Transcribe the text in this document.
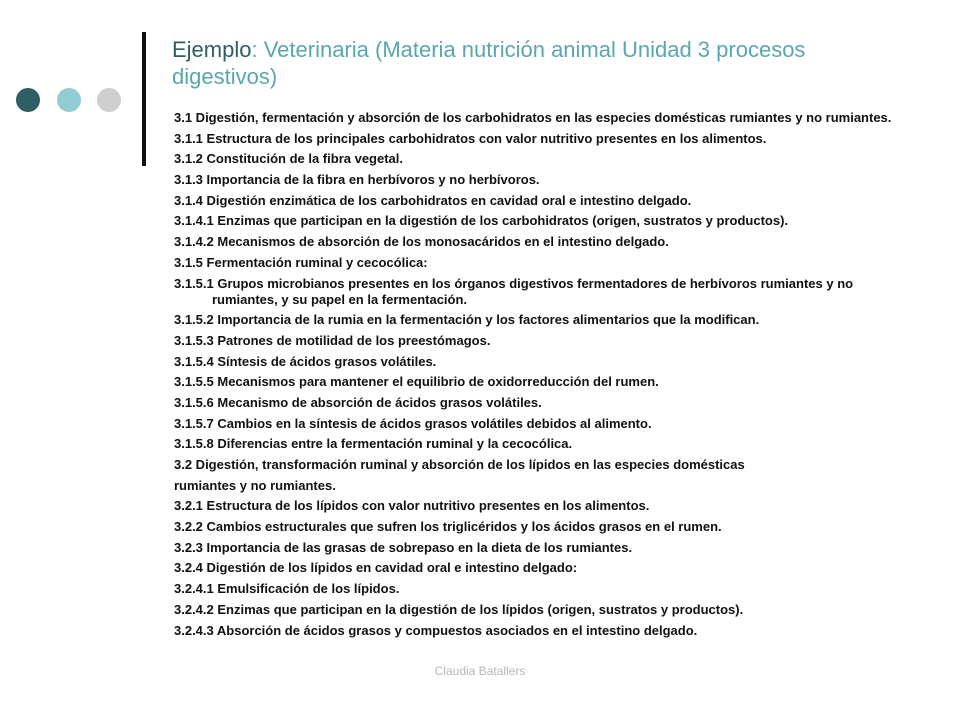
Ejemplo: Veterinaria (Materia nutrición animal Unidad 3 procesos digestivos)
3.1 Digestión, fermentación y absorción de los carbohidratos en las especies domésticas rumiantes y no rumiantes.
3.1.1 Estructura de los principales carbohidratos con valor nutritivo presentes en los alimentos.
3.1.2 Constitución de la fibra vegetal.
3.1.3 Importancia de la fibra en herbívoros y no herbívoros.
3.1.4 Digestión enzimática de los carbohidratos en cavidad oral e intestino delgado.
3.1.4.1 Enzimas que participan en la digestión de los carbohidratos (origen, sustratos y productos).
3.1.4.2 Mecanismos de absorción de los monosacáridos en el intestino delgado.
3.1.5 Fermentación ruminal y cecocólica:
3.1.5.1 Grupos microbianos presentes en los órganos digestivos fermentadores de herbívoros rumiantes y no rumiantes, y su papel en la fermentación.
3.1.5.2 Importancia de la rumia en la fermentación y los factores alimentarios que la modifican.
3.1.5.3 Patrones de motilidad de los preestómagos.
3.1.5.4 Síntesis de ácidos grasos volátiles.
3.1.5.5 Mecanismos para mantener el equilibrio de oxidorreducción del rumen.
3.1.5.6 Mecanismo de absorción de ácidos grasos volátiles.
3.1.5.7 Cambios en la síntesis de ácidos grasos volátiles debidos al alimento.
3.1.5.8 Diferencias entre la fermentación ruminal y la cecocólica.
3.2 Digestión, transformación ruminal y absorción de los lípidos en las especies domésticas
rumiantes y no rumiantes.
3.2.1 Estructura de los lípidos con valor nutritivo presentes en los alimentos.
3.2.2 Cambios estructurales que sufren los triglicéridos y los ácidos grasos en el rumen.
3.2.3 Importancia de las grasas de sobrepaso en la dieta de los rumiantes.
3.2.4 Digestión de los lípidos en cavidad oral e intestino delgado:
3.2.4.1 Emulsificación de los lípidos.
3.2.4.2 Enzimas que participan en la digestión de los lípidos (origen, sustratos y productos).
3.2.4.3 Absorción de ácidos grasos y compuestos asociados en el intestino delgado.
Claudia Batallers
